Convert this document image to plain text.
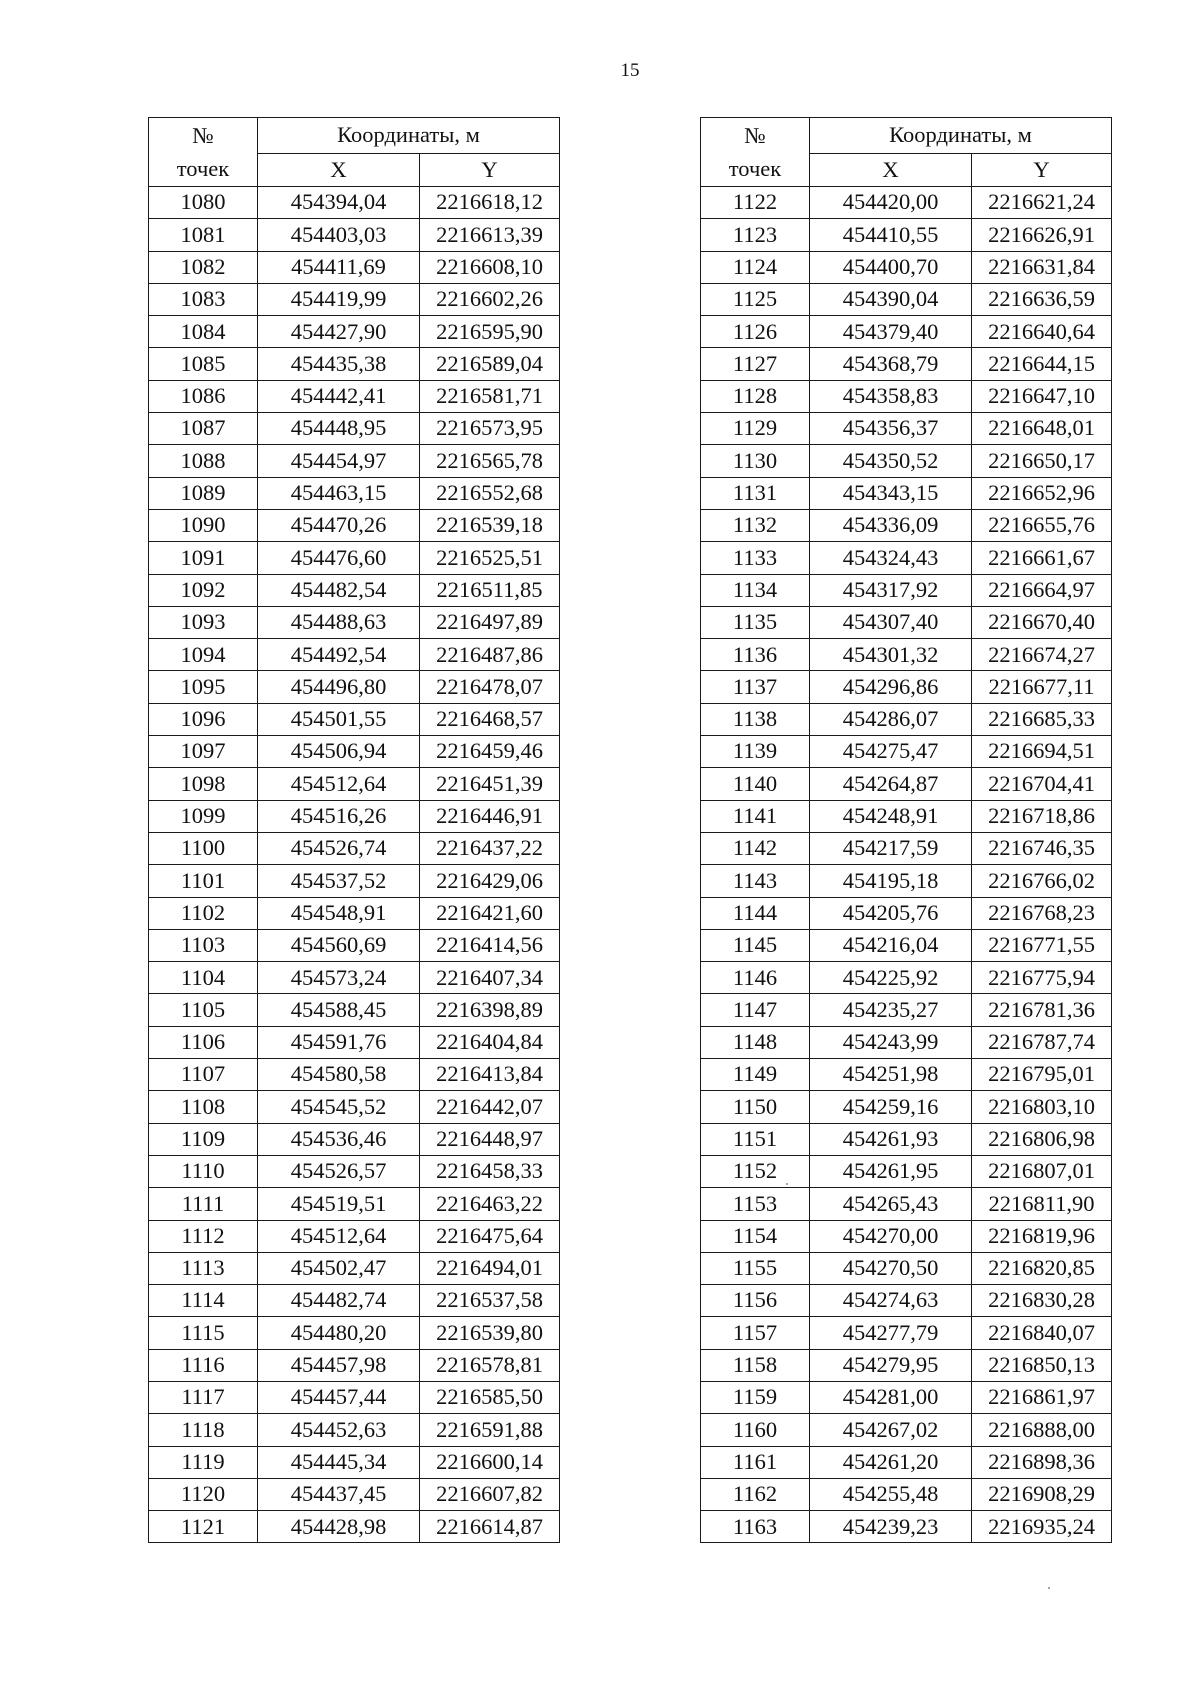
15
№
точек	Координаты, м	
	X	Y
1080	454394,04	2216618,12
1081	454403,03	2216613,39
1082	454411,69	2216608,10
1083	454419,99	2216602,26
1084	454427,90	2216595,90
1085	454435,38	2216589,04
1086	454442,41	2216581,71
1087	454448,95	2216573,95
1088	454454,97	2216565,78
1089	454463,15	2216552,68
1090	454470,26	2216539,18
1091	454476,60	2216525,51
1092	454482,54	2216511,85
1093	454488,63	2216497,89
1094	454492,54	2216487,86
1095	454496,80	2216478,07
1096	454501,55	2216468,57
1097	454506,94	2216459,46
1098	454512,64	2216451,39
1099	454516,26	2216446,91
1100	454526,74	2216437,22
1101	454537,52	2216429,06
1102	454548,91	2216421,60
1103	454560,69	2216414,56
1104	454573,24	2216407,34
1105	454588,45	2216398,89
1106	454591,76	2216404,84
1107	454580,58	2216413,84
1108	454545,52	2216442,07
1109	454536,46	2216448,97
1110	454526,57	2216458,33
1111	454519,51	2216463,22
1112	454512,64	2216475,64
1113	454502,47	2216494,01
1114	454482,74	2216537,58
1115	454480,20	2216539,80
1116	454457,98	2216578,81
1117	454457,44	2216585,50
1118	454452,63	2216591,88
1119	454445,34	2216600,14
1120	454437,45	2216607,82
1121	454428,98	2216614,87
№
точек	Координаты, м	
	X	Y
1122	454420,00	2216621,24
1123	454410,55	2216626,91
1124	454400,70	2216631,84
1125	454390,04	2216636,59
1126	454379,40	2216640,64
1127	454368,79	2216644,15
1128	454358,83	2216647,10
1129	454356,37	2216648,01
1130	454350,52	2216650,17
1131	454343,15	2216652,96
1132	454336,09	2216655,76
1133	454324,43	2216661,67
1134	454317,92	2216664,97
1135	454307,40	2216670,40
1136	454301,32	2216674,27
1137	454296,86	2216677,11
1138	454286,07	2216685,33
1139	454275,47	2216694,51
1140	454264,87	2216704,41
1141	454248,91	2216718,86
1142	454217,59	2216746,35
1143	454195,18	2216766,02
1144	454205,76	2216768,23
1145	454216,04	2216771,55
1146	454225,92	2216775,94
1147	454235,27	2216781,36
1148	454243,99	2216787,74
1149	454251,98	2216795,01
1150	454259,16	2216803,10
1151	454261,93	2216806,98
1152	454261,95	2216807,01
1153	454265,43	2216811,90
1154	454270,00	2216819,96
1155	454270,50	2216820,85
1156	454274,63	2216830,28
1157	454277,79	2216840,07
1158	454279,95	2216850,13
1159	454281,00	2216861,97
1160	454267,02	2216888,00
1161	454261,20	2216898,36
1162	454255,48	2216908,29
1163	454239,23	2216935,24
